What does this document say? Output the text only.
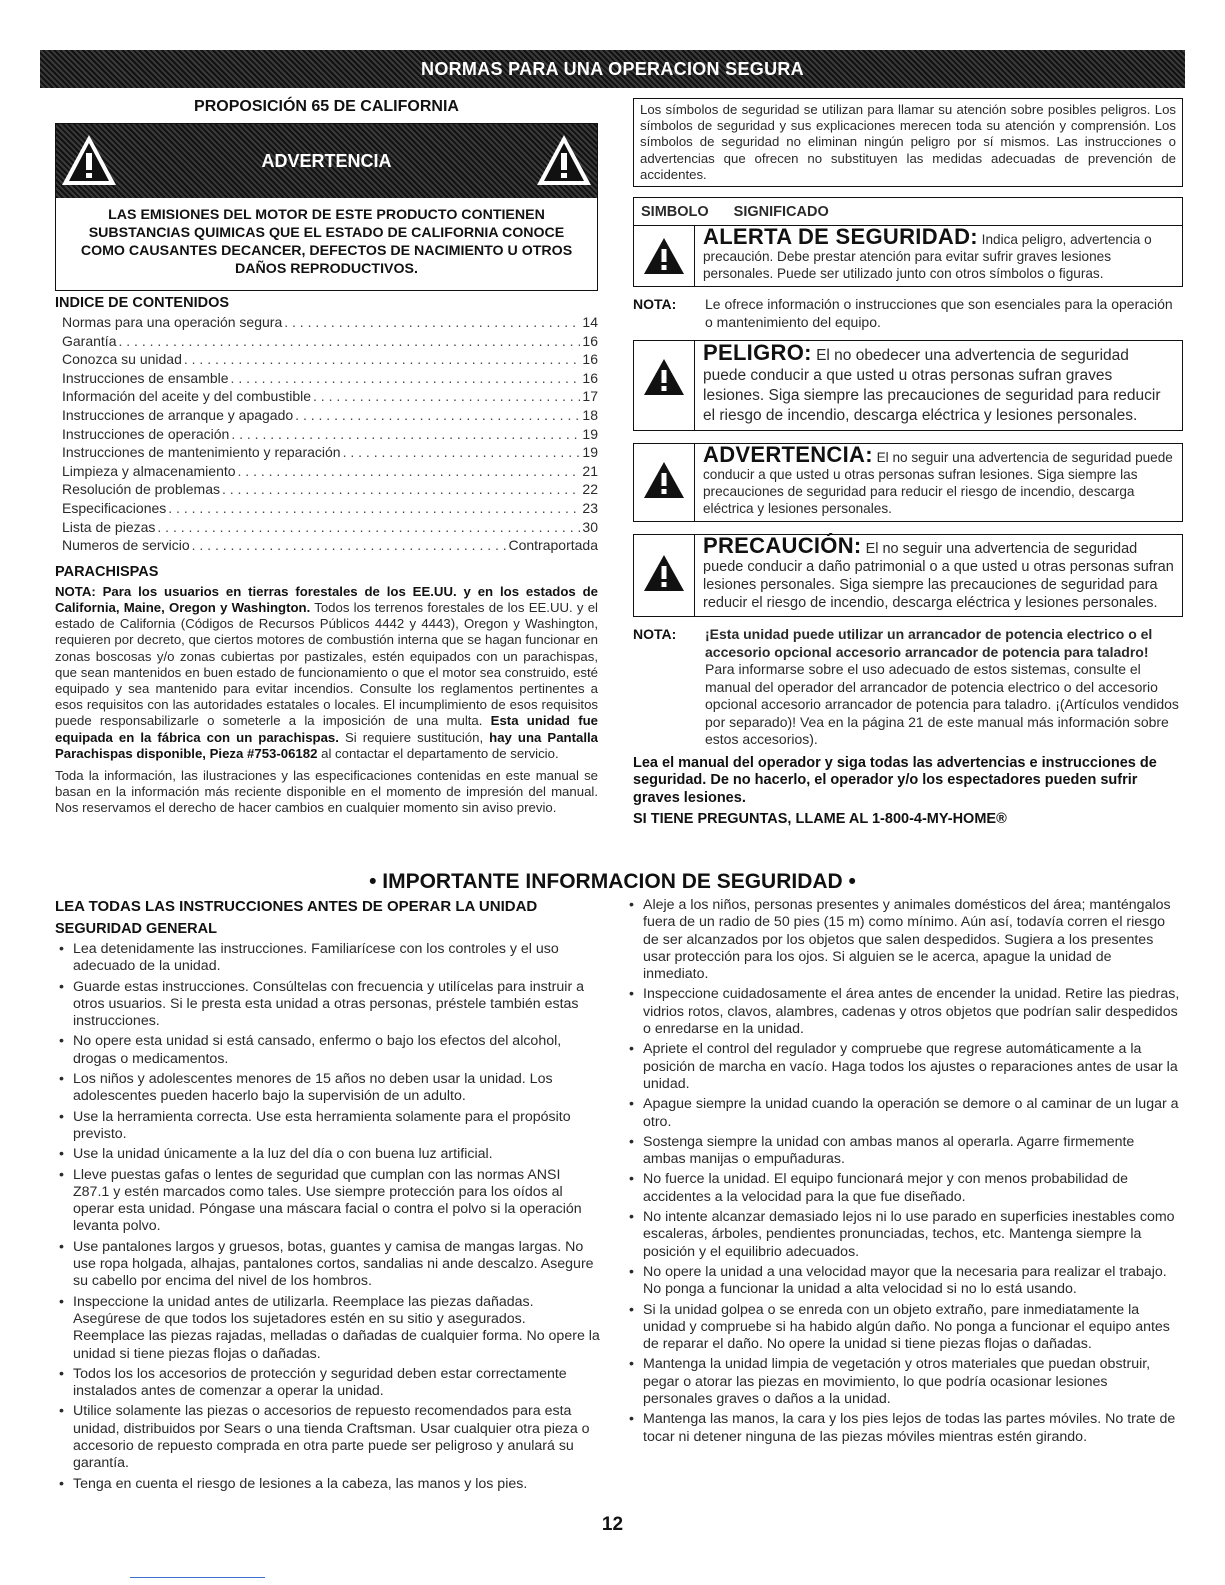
NORMAS PARA UNA OPERACION SEGURA
PROPOSICIÓN 65 DE CALIFORNIA
ADVERTENCIA
LAS EMISIONES DEL MOTOR DE ESTE PRODUCTO CONTIENEN SUBSTANCIAS QUIMICAS QUE EL ESTADO DE CALIFORNIA CONOCE COMO CAUSANTES DECANCER, DEFECTOS DE NACIMIENTO U OTROS DAÑOS REPRODUCTIVOS.
INDICE DE CONTENIDOS
Normas para una operación segura . . .	14
Garantía . . .	16
Conozca su unidad . . .	16
Instrucciones de ensamble . . .	16
Información del aceite y del combustible . . .	17
Instrucciones de arranque y apagado . . .	18
Instrucciones de operación . . .	19
Instrucciones de mantenimiento y reparación . . .	19
Limpieza y almacenamiento . . .	21
Resolución de problemas . . .	22
Especificaciones . . .	23
Lista de piezas . . .	30
Numeros de servicio . . .	Contraportada
PARACHISPAS

NOTA: Para los usuarios en tierras forestales de los EE.UU. y en los estados de California, Maine, Oregon y Washington. Todos los terrenos forestales de los EE.UU. y el estado de California (Códigos de Recursos Públicos 4442 y 4443), Oregon y Washington, requieren por decreto, que ciertos motores de combustión interna que se hagan funcionar en zonas boscosas y/o zonas cubiertas por pastizales, estén equipados con un parachispas, que sean mantenidos en buen estado de funcionamiento o que el motor sea construido, esté equipado y sea mantenido para evitar incendios. Consulte los reglamentos pertinentes a esos requisitos con las autoridades estatales o locales. El incumplimiento de esos requisitos puede responsabilizarle o someterle a la imposición de una multa. Esta unidad fue equipada en la fábrica con un parachispas. Si requiere sustitución, hay una Pantalla Parachispas disponible, Pieza #753-06182 al contactar el departamento de servicio.

Toda la información, las ilustraciones y las especificaciones contenidas en este manual se basan en la información más reciente disponible en el momento de impresión del manual. Nos reservamos el derecho de hacer cambios en cualquier momento sin aviso previo.

Los símbolos de seguridad se utilizan para llamar su atención sobre posibles peligros. Los símbolos de seguridad y sus explicaciones merecen toda su atención y comprensión. Los símbolos de seguridad no eliminan ningún peligro por sí mismos. Las instrucciones o advertencias que ofrecen no substituyen las medidas adecuadas de prevención de accidentes.
SIMBOLO SIGNIFICADO
ALERTA DE SEGURIDAD: Indica peligro, advertencia o precaución. Debe prestar atención para evitar sufrir graves lesiones personales. Puede ser utilizado junto con otros símbolos o figuras.
NOTA:	Le ofrece información o instrucciones que son esenciales para la operación o mantenimiento del equipo.
PELIGRO: El no obedecer una advertencia de seguridad puede conducir a que usted u otras personas sufran graves lesiones. Siga siempre las precauciones de seguridad para reducir el riesgo de incendio, descarga eléctrica y lesiones personales.
ADVERTENCIA: El no seguir una advertencia de seguridad puede conducir a que usted u otras personas sufran lesiones. Siga siempre las precauciones de seguridad para reducir el riesgo de incendio, descarga eléctrica y lesiones personales.
PRECAUCIÓN: El no seguir una advertencia de seguridad puede conducir a daño patrimonial o a que usted u otras personas sufran lesiones personales. Siga siempre las precauciones de seguridad para reducir el riesgo de incendio, descarga eléctrica y lesiones personales.
NOTA:	¡Esta unidad puede utilizar un arrancador de potencia electrico o el accesorio opcional accesorio arrancador de potencia para taladro!
Para informarse sobre el uso adecuado de estos sistemas, consulte el manual del operador del arrancador de potencia electrico o del accesorio opcional accesorio arrancador de potencia para taladro. ¡(Artículos vendidos por separado)! Vea en la página 21 de este manual más información sobre estos accesorios).

Lea el manual del operador y siga todas las advertencias e instrucciones de seguridad. De no hacerlo, el operador y/o los espectadores pueden sufrir graves lesiones.

SI TIENE PREGUNTAS, LLAME AL 1-800-4-MY-HOME®

• IMPORTANTE INFORMACION DE SEGURIDAD •
LEA TODAS LAS INSTRUCCIONES ANTES DE OPERAR LA UNIDAD
SEGURIDAD GENERAL
• Lea detenidamente las instrucciones. Familiarícese con los controles y el uso adecuado de la unidad.
• Guarde estas instrucciones. Consúltelas con frecuencia y utilícelas para instruir a otros usuarios. Si le presta esta unidad a otras personas, préstele también estas instrucciones.
• No opere esta unidad si está cansado, enfermo o bajo los efectos del alcohol, drogas o medicamentos.
• Los niños y adolescentes menores de 15 años no deben usar la unidad. Los adolescentes pueden hacerlo bajo la supervisión de un adulto.
• Use la herramienta correcta. Use esta herramienta solamente para el propósito previsto.
• Use la unidad únicamente a la luz del día o con buena luz artificial.
• Lleve puestas gafas o lentes de seguridad que cumplan con las normas ANSI Z87.1 y estén marcados como tales. Use siempre protección para los oídos al operar esta unidad. Póngase una máscara facial o contra el polvo si la operación levanta polvo.
• Use pantalones largos y gruesos, botas, guantes y camisa de mangas largas. No use ropa holgada, alhajas, pantalones cortos, sandalias ni ande descalzo. Asegure su cabello por encima del nivel de los hombros.
• Inspeccione la unidad antes de utilizarla. Reemplace las piezas dañadas. Asegúrese de que todos los sujetadores estén en su sitio y asegurados. Reemplace las piezas rajadas, melladas o dañadas de cualquier forma. No opere la unidad si tiene piezas flojas o dañadas.
• Todos los los accesorios de protección y seguridad deben estar correctamente instalados antes de comenzar a operar la unidad.
• Utilice solamente las piezas o accesorios de repuesto recomendados para esta unidad, distribuidos por Sears o una tienda Craftsman. Usar cualquier otra pieza o accesorio de repuesto comprada en otra parte puede ser peligroso y anulará su garantía.
• Tenga en cuenta el riesgo de lesiones a la cabeza, las manos y los pies.
• Aleje a los niños, personas presentes y animales domésticos del área; manténgalos fuera de un radio de 50 pies (15 m) como mínimo. Aún así, todavía corren el riesgo de ser alcanzados por los objetos que salen despedidos. Sugiera a los presentes usar protección para los ojos. Si alguien se le acerca, apague la unidad de inmediato.
• Inspeccione cuidadosamente el área antes de encender la unidad. Retire las piedras, vidrios rotos, clavos, alambres, cadenas y otros objetos que podrían salir despedidos o enredarse en la unidad.
• Apriete el control del regulador y compruebe que regrese automáticamente a la posición de marcha en vacío. Haga todos los ajustes o reparaciones antes de usar la unidad.
• Apague siempre la unidad cuando la operación se demore o al caminar de un lugar a otro.
• Sostenga siempre la unidad con ambas manos al operarla. Agarre firmemente ambas manijas o empuñaduras.
• No fuerce la unidad. El equipo funcionará mejor y con menos probabilidad de accidentes a la velocidad para la que fue diseñado.
• No intente alcanzar demasiado lejos ni lo use parado en superficies inestables como escaleras, árboles, pendientes pronunciadas, techos, etc. Mantenga siempre la posición y el equilibrio adecuados.
• No opere la unidad a una velocidad mayor que la necesaria para realizar el trabajo. No ponga a funcionar la unidad a alta velocidad si no lo está usando.
• Si la unidad golpea o se enreda con un objeto extraño, pare inmediatamente la unidad y compruebe si ha habido algún daño. No ponga a funcionar el equipo antes de reparar el daño. No opere la unidad si tiene piezas flojas o dañadas.
• Mantenga la unidad limpia de vegetación y otros materiales que puedan obstruir, pegar o atorar las piezas en movimiento, lo que podría ocasionar lesiones personales graves o daños a la unidad.
• Mantenga las manos, la cara y los pies lejos de todas las partes móviles. No trate de tocar ni detener ninguna de las piezas móviles mientras estén girando.
12
